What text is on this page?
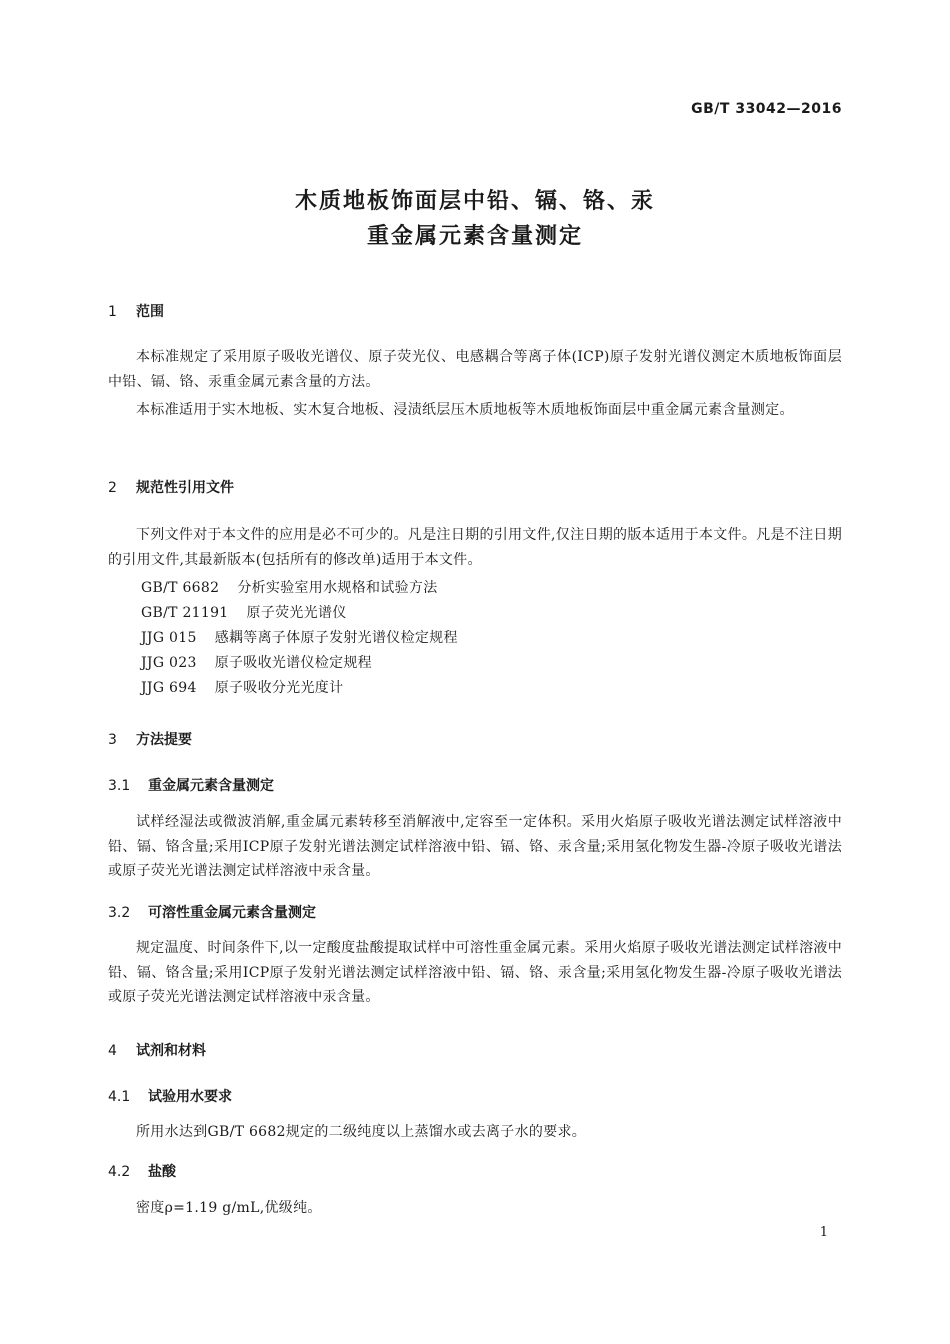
GB/T 33042—2016
木质地板饰面层中铅、镉、铬、汞
重金属元素含量测定
1 范围
本标准规定了采用原子吸收光谱仪、原子荧光仪、电感耦合等离子体(ICP)原子发射光谱仪测定木质地板饰面层中铅、镉、铬、汞重金属元素含量的方法。
本标准适用于实木地板、实木复合地板、浸渍纸层压木质地板等木质地板饰面层中重金属元素含量测定。
2 规范性引用文件
下列文件对于本文件的应用是必不可少的。凡是注日期的引用文件,仅注日期的版本适用于本文件。凡是不注日期的引用文件,其最新版本(包括所有的修改单)适用于本文件。
GB/T 6682 分析实验室用水规格和试验方法
GB/T 21191 原子荧光光谱仪
JJG 015 感耦等离子体原子发射光谱仪检定规程
JJG 023 原子吸收光谱仪检定规程
JJG 694 原子吸收分光光度计
3 方法提要
3.1 重金属元素含量测定
试样经湿法或微波消解,重金属元素转移至消解液中,定容至一定体积。采用火焰原子吸收光谱法测定试样溶液中铅、镉、铬含量;采用ICP原子发射光谱法测定试样溶液中铅、镉、铬、汞含量;采用氢化物发生器-冷原子吸收光谱法或原子荧光光谱法测定试样溶液中汞含量。
3.2 可溶性重金属元素含量测定
规定温度、时间条件下,以一定酸度盐酸提取试样中可溶性重金属元素。采用火焰原子吸收光谱法测定试样溶液中铅、镉、铬含量;采用ICP原子发射光谱法测定试样溶液中铅、镉、铬、汞含量;采用氢化物发生器-冷原子吸收光谱法或原子荧光光谱法测定试样溶液中汞含量。
4 试剂和材料
4.1 试验用水要求
所用水达到GB/T 6682规定的二级纯度以上蒸馏水或去离子水的要求。
4.2 盐酸
密度ρ=1.19 g/mL,优级纯。
1
